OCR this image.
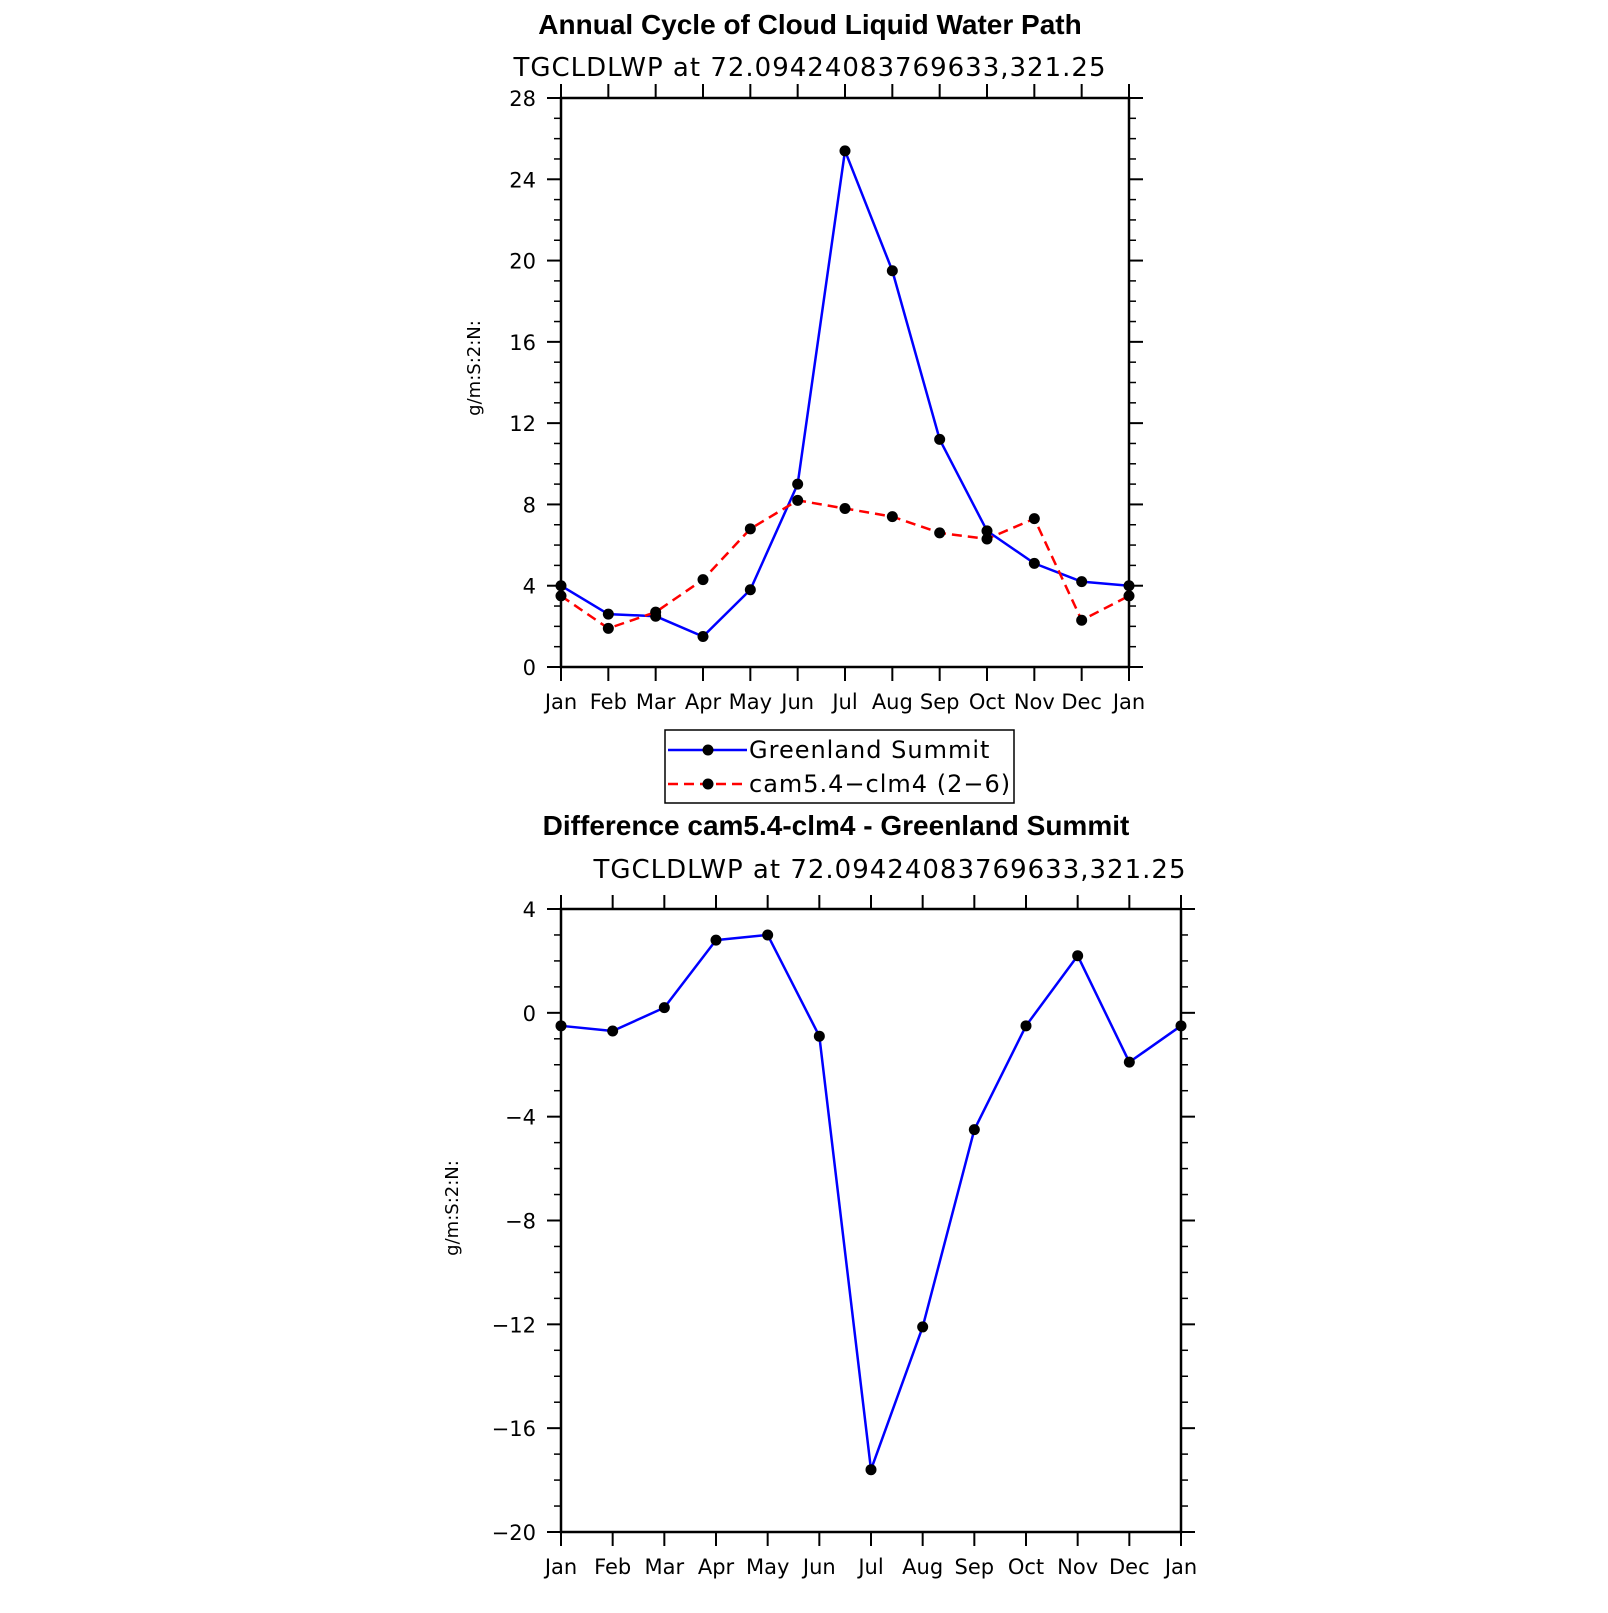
Annual Cycle of Cloud Liquid Water Path
TGCLDLWP at 72.09424083769633,321.25
g/m:S:2:N:
0
4
8
12
16
20
24
28
Jan Feb Mar Apr May Jun Jul Aug Sep Oct Nov Dec Jan
Greenland Summit
cam5.4−clm4 (2−6)
Difference cam5.4-clm4 - Greenland Summit
TGCLDLWP at 72.09424083769633,321.25
g/m:S:2:N:
−20
−16
−12
−8
−4
0
4
Jan Feb Mar Apr May Jun Jul Aug Sep Oct Nov Dec Jan
